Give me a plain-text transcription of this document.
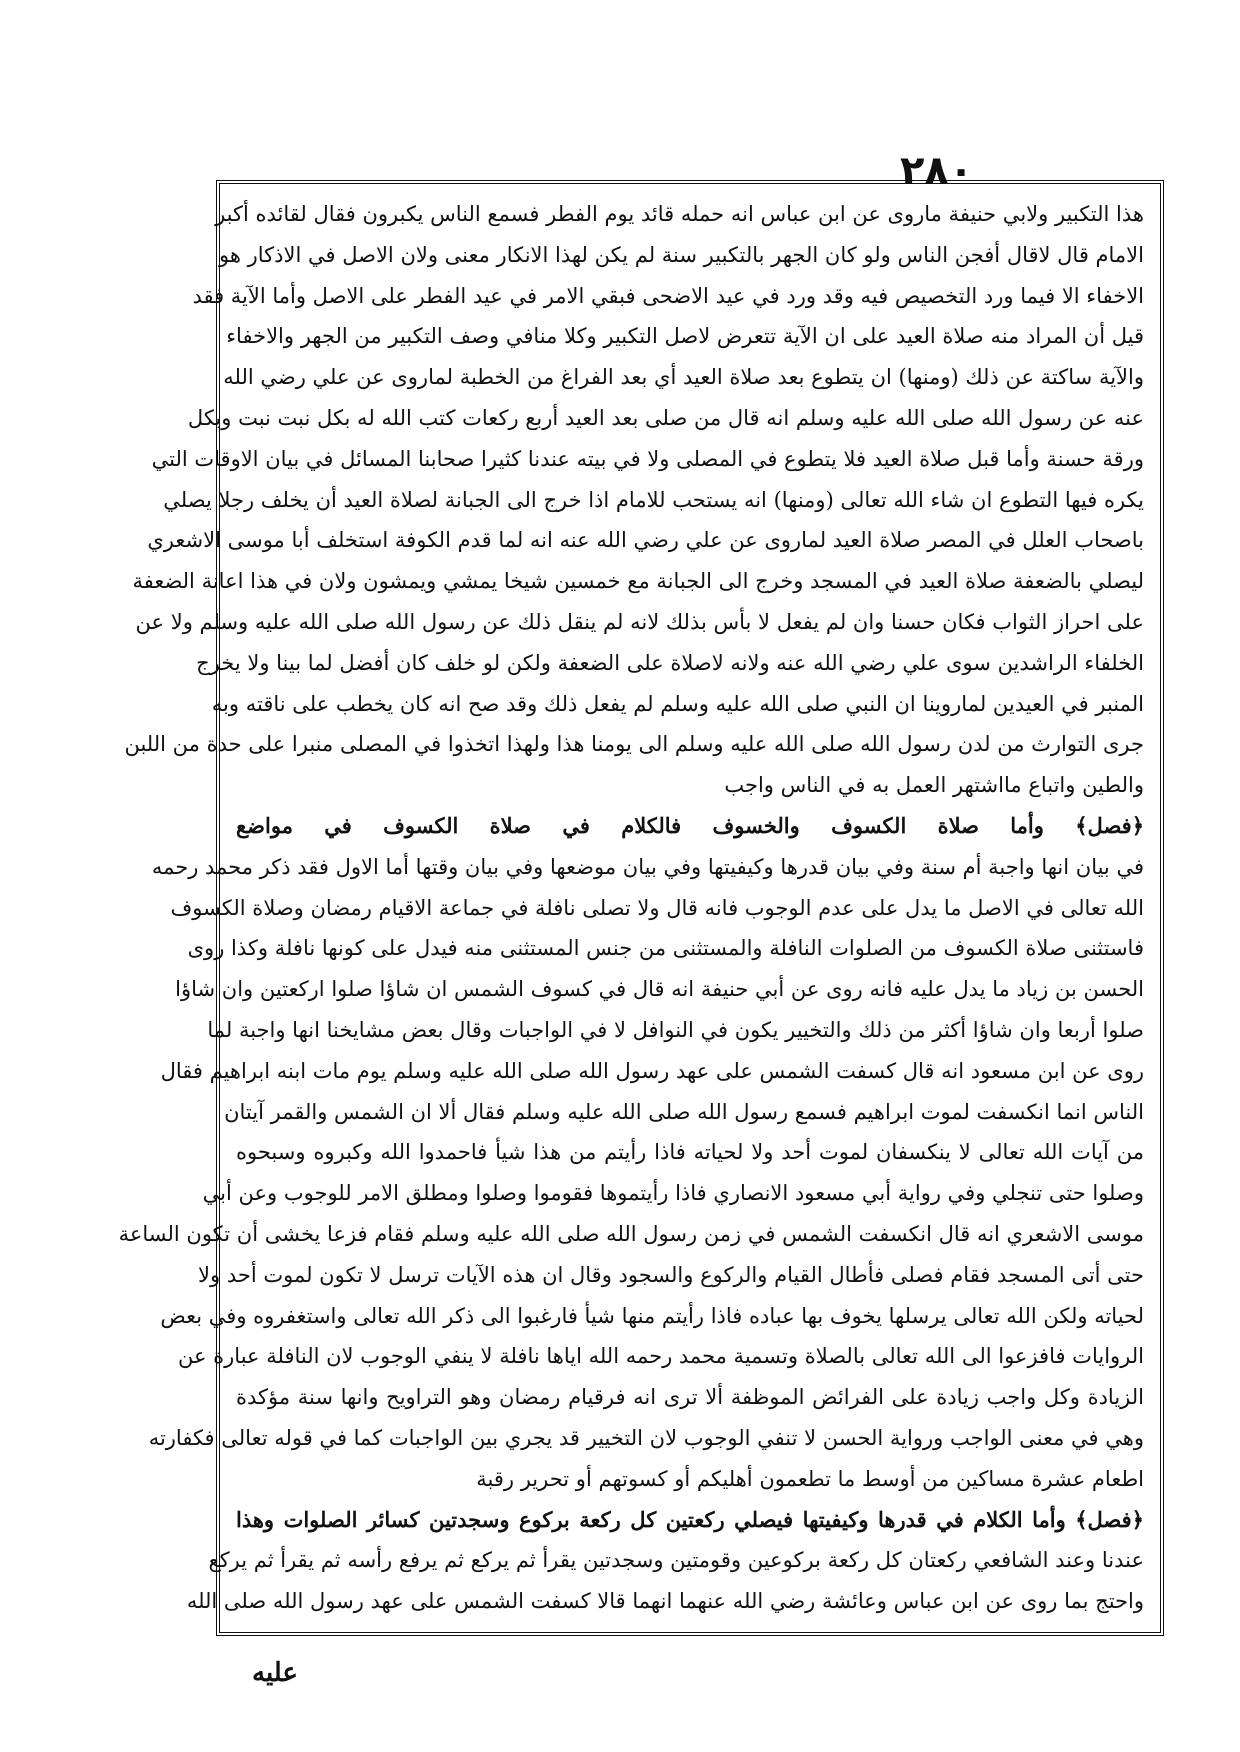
٢٨٠
هذا التكبير ولابي حنيفة ماروى عن ابن عباس انه حمله قائد يوم الفطر فسمع الناس يكبرون فقال لقائده أكبر
الامام قال لاقال أفجن الناس ولو كان الجهر بالتكبير سنة لم يكن لهذا الانكار معنى ولان الاصل في الاذكار هو
الاخفاء الا فيما ورد التخصيص فيه وقد ورد في عيد الاضحى فبقي الامر في عيد الفطر على الاصل وأما الآية فقد
قيل أن المراد منه صلاة العيد على ان الآية تتعرض لاصل التكبير وكلا منافي وصف التكبير من الجهر والاخفاء
والآية ساكتة عن ذلك (ومنها) ان يتطوع بعد صلاة العيد أي بعد الفراغ من الخطبة لماروى عن علي رضي الله
عنه عن رسول الله صلى الله عليه وسلم انه قال من صلى بعد العيد أربع ركعات كتب الله له بكل نبت نبت وبكل
ورقة حسنة وأما قبل صلاة العيد فلا يتطوع في المصلى ولا في بيته عندنا كثيرا صحابنا المسائل في بيان الاوقات التي
يكره فيها التطوع ان شاء الله تعالى (ومنها) انه يستحب للامام اذا خرج الى الجبانة لصلاة العيد أن يخلف رجلا يصلي
باصحاب العلل في المصر صلاة العيد لماروى عن علي رضي الله عنه انه لما قدم الكوفة استخلف أبا موسى الاشعري
ليصلي بالضعفة صلاة العيد في المسجد وخرج الى الجبانة مع خمسين شيخا يمشي ويمشون ولان في هذا اعانة الضعفة
على احراز الثواب فكان حسنا وان لم يفعل لا بأس بذلك لانه لم ينقل ذلك عن رسول الله صلى الله عليه وسلم ولا عن
الخلفاء الراشدين سوى علي رضي الله عنه ولانه لاصلاة على الضعفة ولكن لو خلف كان أفضل لما بينا ولا يخرج
المنبر في العيدين لماروينا ان النبي صلى الله عليه وسلم لم يفعل ذلك وقد صح انه كان يخطب على ناقته وبه
جرى التوارث من لدن رسول الله صلى الله عليه وسلم الى يومنا هذا ولهذا اتخذوا في المصلى منبرا على حدة من اللبن
والطين واتباع مااشتهر العمل به في الناس واجب
﴿فصل﴾ وأما صلاة الكسوف والخسوف فالكلام في صلاة الكسوف في مواضع
في بيان انها واجبة أم سنة وفي بيان قدرها وكيفيتها وفي بيان موضعها وفي بيان وقتها أما الاول فقد ذكر محمد رحمه
الله تعالى في الاصل ما يدل على عدم الوجوب فانه قال ولا تصلى نافلة في جماعة الاقيام رمضان وصلاة الكسوف
فاستثنى صلاة الكسوف من الصلوات النافلة والمستثنى من جنس المستثنى منه فيدل على كونها نافلة وكذا روى
الحسن بن زياد ما يدل عليه فانه روى عن أبي حنيفة انه قال في كسوف الشمس ان شاؤا صلوا اركعتين وان شاؤا
صلوا أربعا وان شاؤا أكثر من ذلك والتخيير يكون في النوافل لا في الواجبات وقال بعض مشايخنا انها واجبة لما
روى عن ابن مسعود انه قال كسفت الشمس على عهد رسول الله صلى الله عليه وسلم يوم مات ابنه ابراهيم فقال
الناس انما انكسفت لموت ابراهيم فسمع رسول الله صلى الله عليه وسلم فقال ألا ان الشمس والقمر آيتان
من آيات الله تعالى لا ينكسفان لموت أحد ولا لحياته فاذا رأيتم من هذا شيأ فاحمدوا الله وكبروه وسبحوه
وصلوا حتى تنجلي وفي رواية أبي مسعود الانصاري فاذا رأيتموها فقوموا وصلوا ومطلق الامر للوجوب وعن أبي
موسى الاشعري انه قال انكسفت الشمس في زمن رسول الله صلى الله عليه وسلم فقام فزعا يخشى أن تكون الساعة
حتى أتى المسجد فقام فصلى فأطال القيام والركوع والسجود وقال ان هذه الآيات ترسل لا تكون لموت أحد ولا
لحياته ولكن الله تعالى يرسلها يخوف بها عباده فاذا رأيتم منها شيأ فارغبوا الى ذكر الله تعالى واستغفروه وفي بعض
الروايات فافزعوا الى الله تعالى بالصلاة وتسمية محمد رحمه الله اياها نافلة لا ينفي الوجوب لان النافلة عبارة عن
الزيادة وكل واجب زيادة على الفرائض الموظفة ألا ترى انه فرقيام رمضان وهو التراويح وانها سنة مؤكدة
وهي في معنى الواجب ورواية الحسن لا تنفي الوجوب لان التخيير قد يجري بين الواجبات كما في قوله تعالى فكفارته
اطعام عشرة مساكين من أوسط ما تطعمون أهليكم أو كسوتهم أو تحرير رقبة
﴿فصل﴾ وأما الكلام في قدرها وكيفيتها فيصلي ركعتين كل ركعة بركوع وسجدتين كسائر الصلوات وهذا
عندنا وعند الشافعي ركعتان كل ركعة بركوعين وقومتين وسجدتين يقرأ ثم يركع ثم يرفع رأسه ثم يقرأ ثم يركع
واحتج بما روى عن ابن عباس وعائشة رضي الله عنهما انهما قالا كسفت الشمس على عهد رسول الله صلى الله
عليه
